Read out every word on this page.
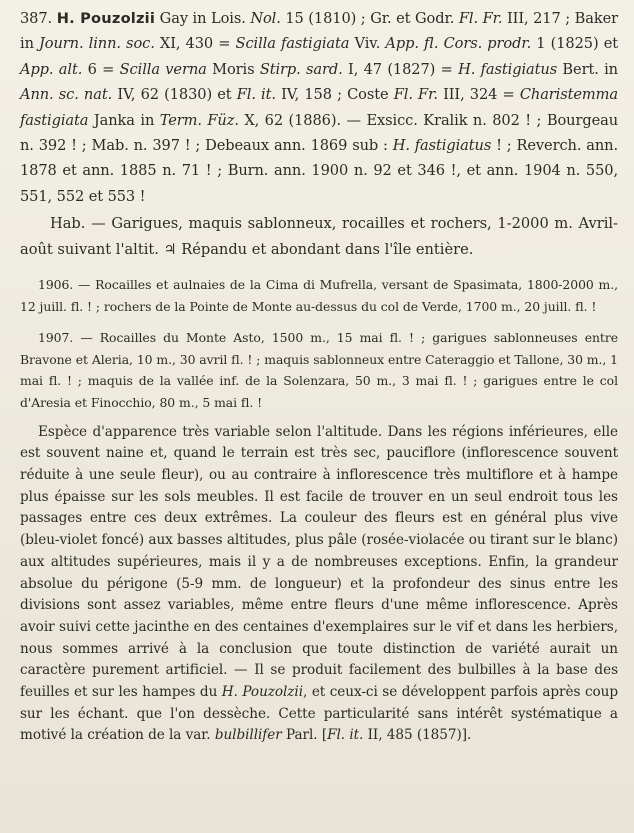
387. H. Pouzolzii Gay in Lois. Nol. 15 (1810) ; Gr. et Godr. Fl. Fr. III, 217 ; Baker in Journ. linn. soc. XI, 430 = Scilla fastigiata Viv. App. fl. Cors. prodr. 1 (1825) et App. alt. 6 = Scilla verna Moris Stirp. sard. I, 47 (1827) = H. fastigiatus Bert. in Ann. sc. nat. IV, 62 (1830) et Fl. it. IV, 158 ; Coste Fl. Fr. III, 324 = Charistemma fastigiata Janka in Term. Füz. X, 62 (1886). — Exsicc. Kralik n. 802 ! ; Bourgeau n. 392 ! ; Mab. n. 397 ! ; Debeaux ann. 1869 sub : H. fastigiatus ! ; Reverch. ann. 1878 et ann. 1885 n. 71 ! ; Burn. ann. 1900 n. 92 et 346 !, et ann. 1904 n. 550, 551, 552 et 553 !

Hab. — Garigues, maquis sablonneux, rocailles et rochers, 1-2000 m. Avril-août suivant l'altit. ♃ Répandu et abondant dans l'île entière.

1906. — Rocailles et aulnaies de la Cima di Mufrella, versant de Spasimata, 1800-2000 m., 12 juill. fl. ! ; rochers de la Pointe de Monte au-dessus du col de Verde, 1700 m., 20 juill. fl. !

1907. — Rocailles du Monte Asto, 1500 m., 15 mai fl. ! ; garigues sablonneuses entre Bravone et Aleria, 10 m., 30 avril fl. ! ; maquis sablonneux entre Cateraggio et Tallone, 30 m., 1 mai fl. ! ; maquis de la vallée inf. de la Solenzara, 50 m., 3 mai fl. ! ; garigues entre le col d'Aresia et Finocchio, 80 m., 5 mai fl. !

Espèce d'apparence très variable selon l'altitude. Dans les régions inférieures, elle est souvent naine et, quand le terrain est très sec, pauciflore (inflorescence souvent réduite à une seule fleur), ou au contraire à inflorescence très multiflore et à hampe plus épaisse sur les sols meubles. Il est facile de trouver en un seul endroit tous les passages entre ces deux extrêmes. La couleur des fleurs est en général plus vive (bleu-violet foncé) aux basses altitudes, plus pâle (rosée-violacée ou tirant sur le blanc) aux altitudes supérieures, mais il y a de nombreuses exceptions. Enfin, la grandeur absolue du périgone (5-9 mm. de longueur) et la profondeur des sinus entre les divisions sont assez variables, même entre fleurs d'une même inflorescence. Après avoir suivi cette jacinthe en des centaines d'exemplaires sur le vif et dans les herbiers, nous sommes arrivé à la conclusion que toute distinction de variété aurait un caractère purement artificiel. — Il se produit facilement des bulbilles à la base des feuilles et sur les hampes du H. Pouzolzii, et ceux-ci se développent parfois après coup sur les échant. que l'on dessèche. Cette particularité sans intérêt systématique a motivé la création de la var. bulbillifer Parl. [Fl. it. II, 485 (1857)].
